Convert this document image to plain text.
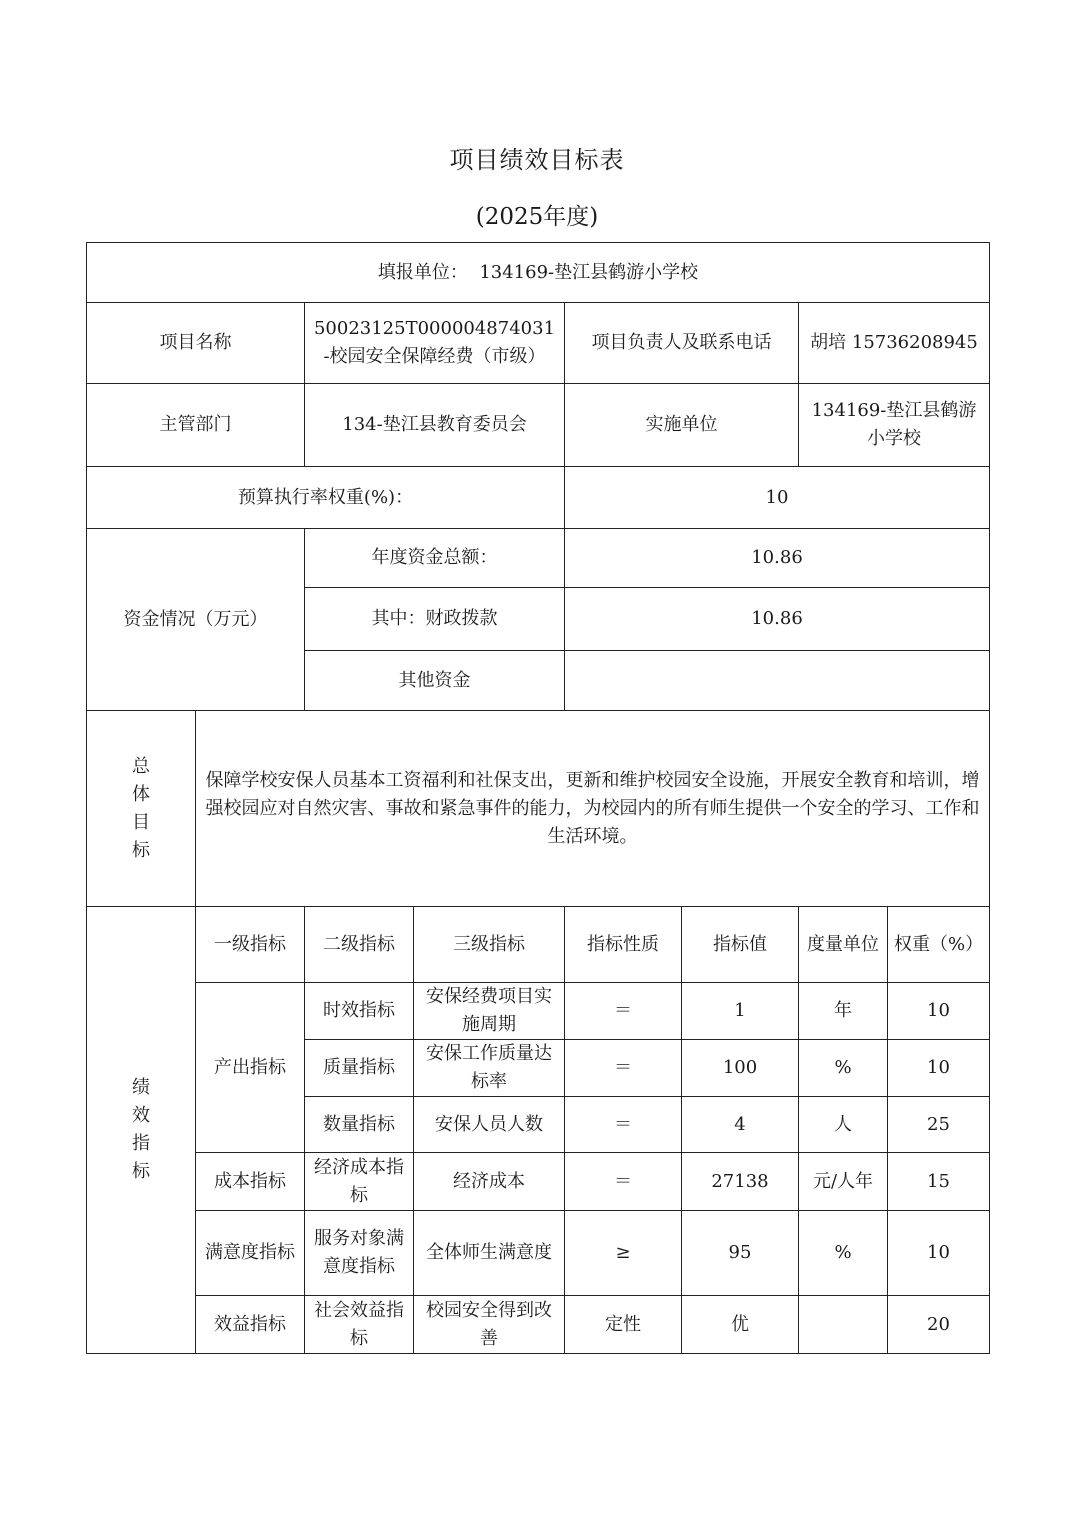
项目绩效目标表
(2025年度)
填报单位： 134169-垫江县鹤游小学校							
项目名称		50023125T000004874031-校园安全保障经费（市级）		项目负责人及联系电话		胡培 15736208945	
主管部门		134-垫江县教育委员会		实施单位		134169-垫江县鹤游小学校	
预算执行率权重(%)：				10			
资金情况（万元）		年度资金总额：		10.86			
		其中：财政拨款		10.86			
		其他资金					
总体目标	保障学校安保人员基本工资福利和社保支出，更新和维护校园安全设施，开展安全教育和培训，增强校园应对自然灾害、事故和紧急事件的能力，为校园内的所有师生提供一个安全的学习、工作和生活环境。						
绩效指标	一级指标	二级指标	三级指标	指标性质	指标值	度量单位	权重（%）
	产出指标	时效指标	安保经费项目实施周期	＝	1	年	10
		质量指标	安保工作质量达标率	＝	100	%	10
		数量指标	安保人员人数	＝	4	人	25
	成本指标	经济成本指标	经济成本	＝	27138	元/人年	15
	满意度指标	服务对象满意度指标	全体师生满意度	≥	95	%	10
	效益指标	社会效益指标	校园安全得到改善	定性	优		20
